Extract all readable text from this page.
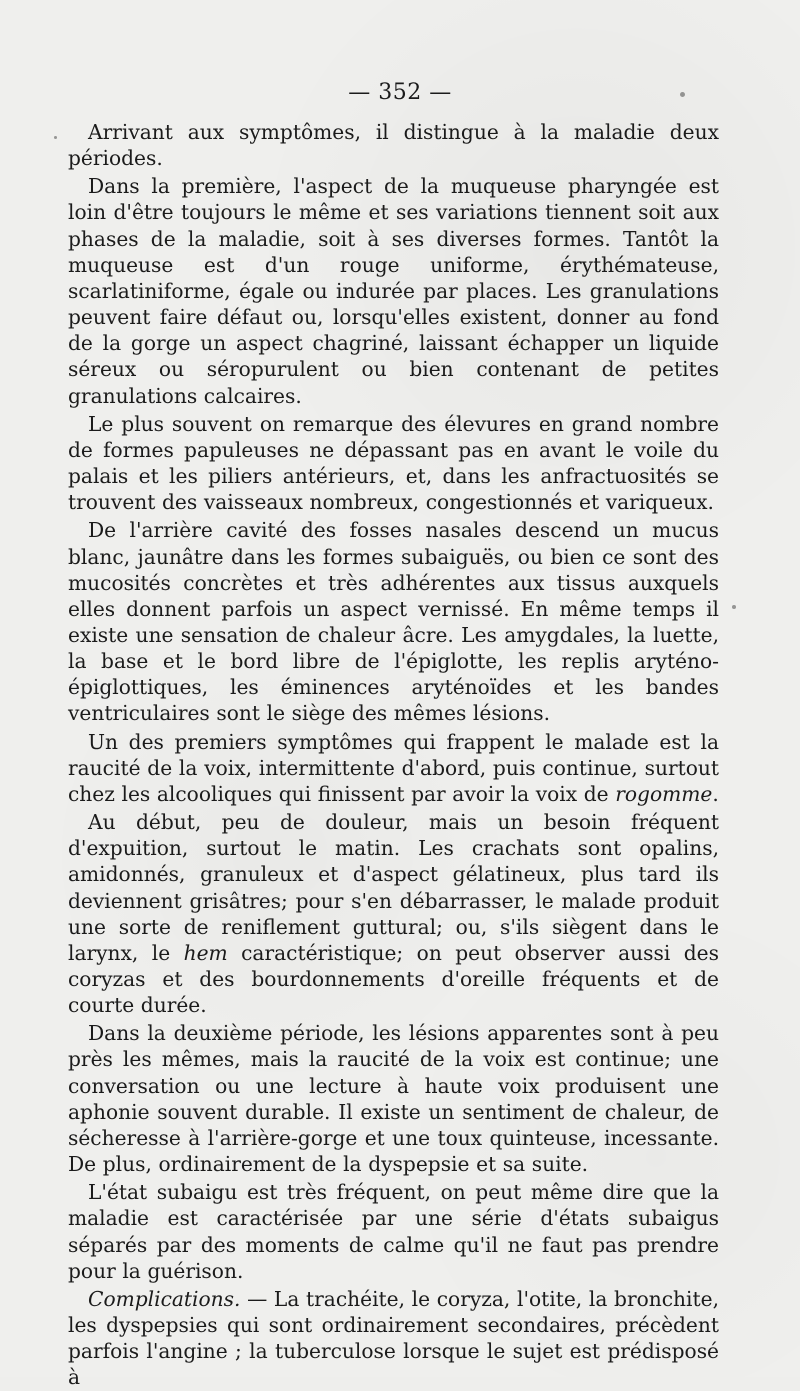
— 352 —

Arrivant aux symptômes, il distingue à la maladie deux périodes.

Dans la première, l'aspect de la muqueuse pharyngée est loin d'être toujours le même et ses variations tiennent soit aux phases de la maladie, soit à ses diverses formes. Tantôt la muqueuse est d'un rouge uniforme, érythémateuse, scarlatiniforme, égale ou indurée par places. Les granulations peuvent faire défaut ou, lorsqu'elles existent, donner au fond de la gorge un aspect chagriné, laissant échapper un liquide séreux ou séropurulent ou bien contenant de petites granulations calcaires.

Le plus souvent on remarque des élevures en grand nombre de formes papuleuses ne dépassant pas en avant le voile du palais et les piliers antérieurs, et, dans les anfractuosités se trouvent des vaisseaux nombreux, congestionnés et variqueux.

De l'arrière cavité des fosses nasales descend un mucus blanc, jaunâtre dans les formes subaiguës, ou bien ce sont des mucosités concrètes et très adhérentes aux tissus auxquels elles donnent parfois un aspect vernissé. En même temps il existe une sensation de chaleur âcre. Les amygdales, la luette, la base et le bord libre de l'épiglotte, les replis aryténo-épiglottiques, les éminences aryténoïdes et les bandes ventriculaires sont le siège des mêmes lésions.

Un des premiers symptômes qui frappent le malade est la raucité de la voix, intermittente d'abord, puis continue, surtout chez les alcooliques qui finissent par avoir la voix de rogomme.

Au début, peu de douleur, mais un besoin fréquent d'expuition, surtout le matin. Les crachats sont opalins, amidonnés, granuleux et d'aspect gélatineux, plus tard ils deviennent grisâtres; pour s'en débarrasser, le malade produit une sorte de reniflement guttural; ou, s'ils siègent dans le larynx, le hem caractéristique; on peut observer aussi des coryzas et des bourdonnements d'oreille fréquents et de courte durée.

Dans la deuxième période, les lésions apparentes sont à peu près les mêmes, mais la raucité de la voix est continue; une conversation ou une lecture à haute voix produisent une aphonie souvent durable. Il existe un sentiment de chaleur, de sécheresse à l'arrière-gorge et une toux quinteuse, incessante. De plus, ordinairement de la dyspepsie et sa suite.

L'état subaigu est très fréquent, on peut même dire que la maladie est caractérisée par une série d'états subaigus séparés par des moments de calme qu'il ne faut pas prendre pour la guérison.

Complications. — La trachéite, le coryza, l'otite, la bronchite, les dyspepsies qui sont ordinairement secondaires, précèdent parfois l'angine ; la tuberculose lorsque le sujet est prédisposé à
